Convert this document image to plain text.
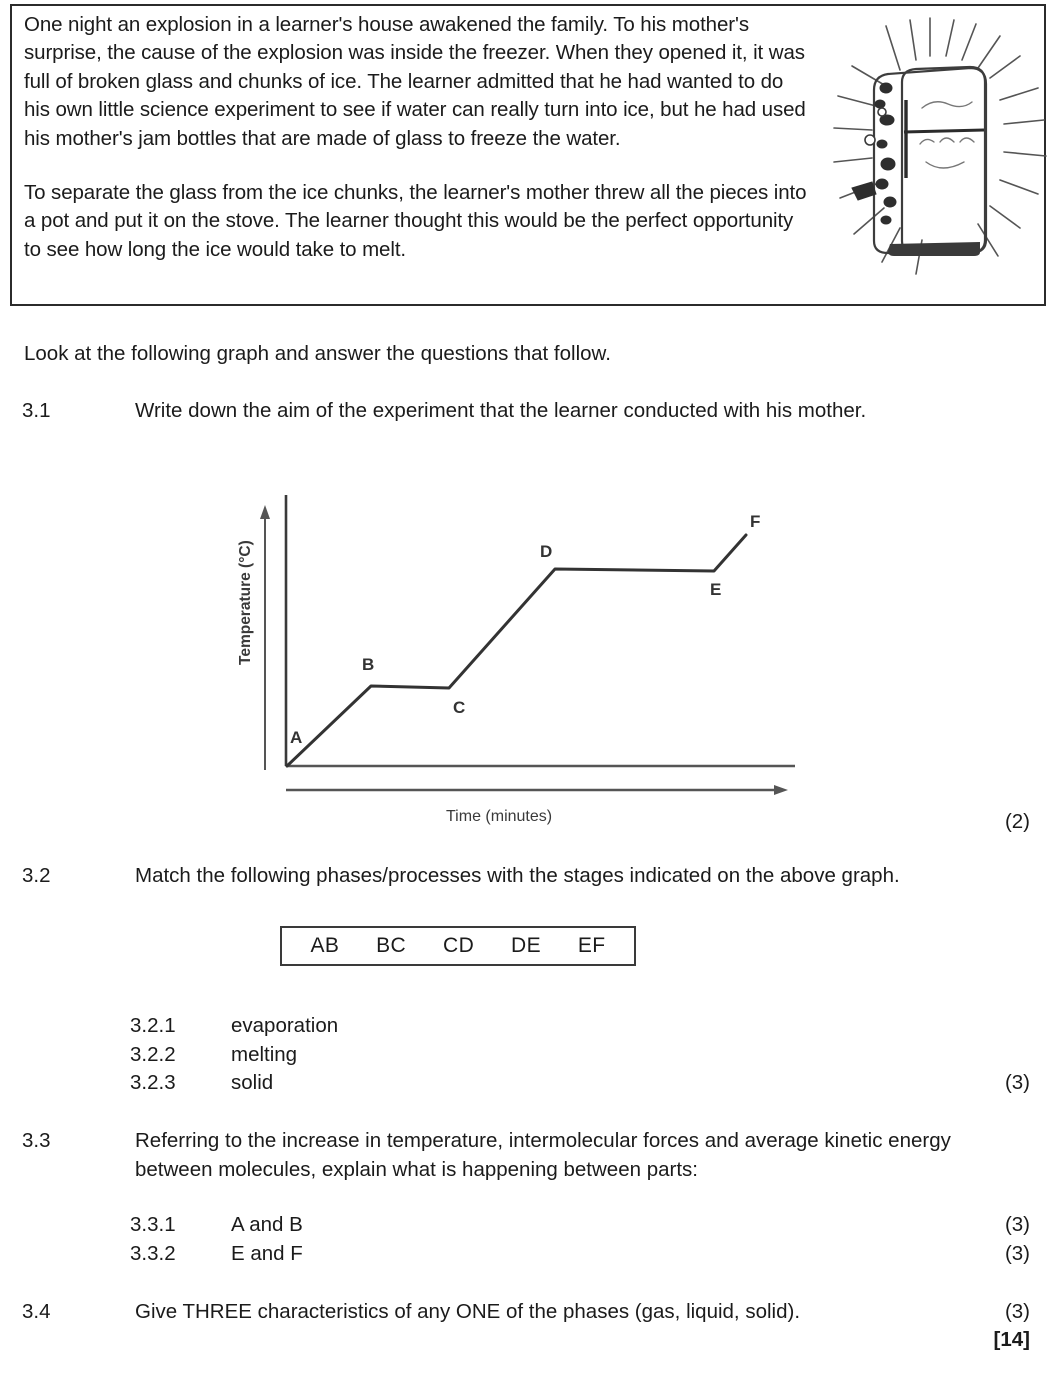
One night an explosion in a learner's house awakened the family. To his mother's surprise, the cause of the explosion was inside the freezer. When they opened it, it was full of broken glass and chunks of ice. The learner admitted that he had wanted to do his own little science experiment to see if water can really turn into ice, but he had used his mother's jam bottles that are made of glass to freeze the water.

To separate the glass from the ice chunks, the learner's mother threw all the pieces into a pot and put it on the stove. The learner thought this would be the perfect opportunity to see how long the ice would take to melt.

Look at the following graph and answer the questions that follow.
3.1	Write down the aim of the experiment that the learner conducted with his mother.
A
B
C
D
E
F
Temperature (°C)
Time (minutes)	(2)
3.2	Match the following phases/processes with the stages indicated on the above graph.
AB BC CD DE EF
3.2.1	evaporation
3.2.2	melting
3.2.3	solid	(3)
3.3	Referring to the increase in temperature, intermolecular forces and average kinetic energy between molecules, explain what is happening between parts:
3.3.1	A and B
3.3.2	E and F
(3)
(3)
3.4	Give THREE characteristics of any ONE of the phases (gas, liquid, solid).	(3)
[14]
